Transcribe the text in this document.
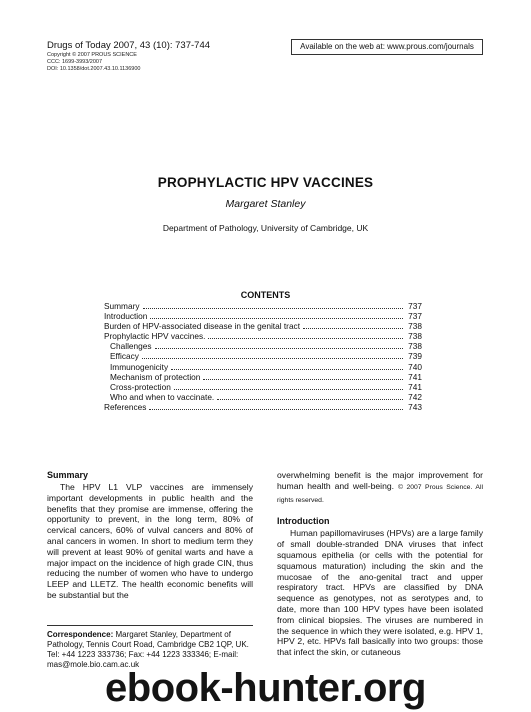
Drugs of Today 2007, 43 (10): 737-744
Copyright © 2007 PROUS SCIENCE
CCC: 1699-3993/2007
DOI: 10.1358/dot.2007.43.10.1136900
Available on the web at: www.prous.com/journals
PROPHYLACTIC HPV VACCINES
Margaret Stanley
Department of Pathology, University of Cambridge, UK
CONTENTS
Summary	737
Introduction	737
Burden of HPV-associated disease in the genital tract	738
Prophylactic HPV vaccines.	738
Challenges	738
Efficacy	739
Immunogenicity	740
Mechanism of protection	741
Cross-protection	741
Who and when to vaccinate.	742
References	743
Summary

The HPV L1 VLP vaccines are immensely important developments in public health and the benefits that they promise are immense, offering the opportunity to prevent, in the long term, 80% of cervical cancers, 60% of vulval cancers and 80% of anal cancers in women. In short to medium term they will prevent at least 90% of genital warts and have a major impact on the incidence of high grade CIN, thus reducing the number of women who have to undergo LEEP and LLETZ. The health economic benefits will be substantial but the

Correspondence: Margaret Stanley, Department of Pathology, Tennis Court Road, Cambridge CB2 1QP, UK. Tel: +44 1223 333736; Fax: +44 1223 333346; E-mail: mas@mole.bio.cam.ac.uk

overwhelming benefit is the major improvement for human health and well-being. © 2007 Prous Science. All rights reserved.

Introduction

Human papillomaviruses (HPVs) are a large family of small double-stranded DNA viruses that infect squamous epithelia (or cells with the potential for squamous maturation) including the skin and the mucosae of the ano-genital tract and upper respiratory tract. HPVs are classified by DNA sequence as genotypes, not as serotypes and, to date, more than 100 HPV types have been isolated from clinical biopsies. The viruses are numbered in the sequence in which they were isolated, e.g. HPV 1, HPV 2, etc. HPVs fall basically into two groups: those that infect the skin, or cutaneous

ebook-hunter.org
